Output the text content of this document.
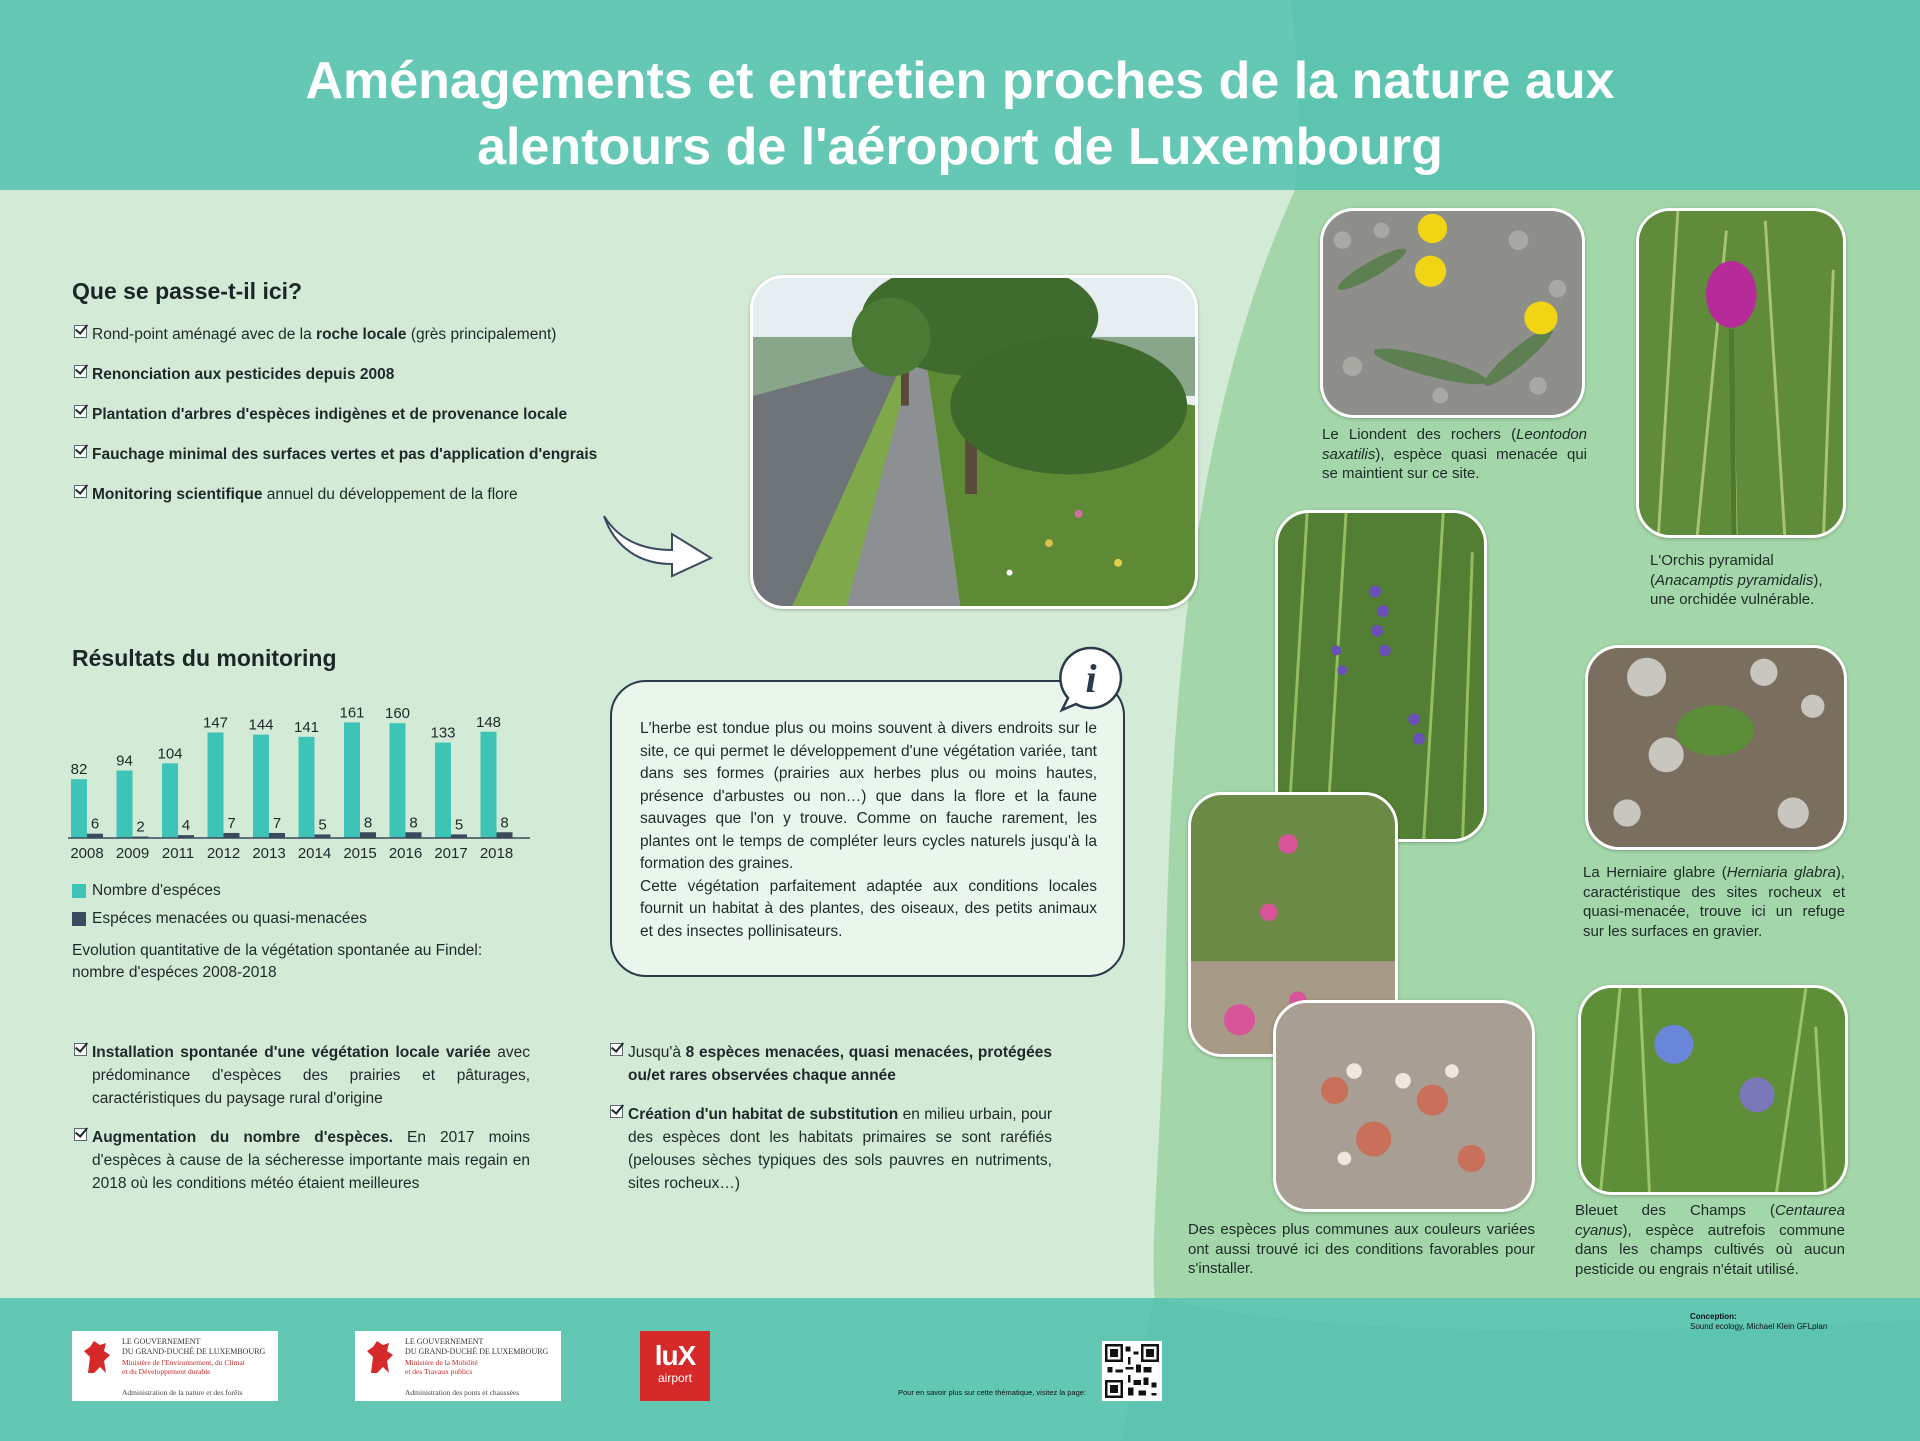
Aménagements et entretien proches de la nature aux
alentours de l'aéroport de Luxembourg
Que se passe-t-il ici?
Rond-point aménagé avec de la roche locale (grès principalement)
Renonciation aux pesticides depuis 2008
Plantation d'arbres d'espèces indigènes et de provenance locale
Fauchage minimal des surfaces vertes et pas d'application d'engrais
Monitoring scientifique annuel du développement de la flore
Résultats du monitoring
82
6
2008
94
2
2009
104
4
2011
147
7
2012
144
7
2013
141
5
2014
161
8
2015
160
8
2016
133
5
2017
148
8
2018
Nombre d'espéces
Espéces menacées ou quasi-menacées
Evolution quantitative de la végétation spontanée au Findel:
nombre d'espéces 2008-2018

L'herbe est tondue plus ou moins souvent à divers endroits sur le site, ce qui permet le développement d'une végétation variée, tant dans ses formes (prairies aux herbes plus ou moins hautes, présence d'arbustes ou non…) que dans la flore et la faune sauvages que l'on y trouve. Comme on fauche rarement, les plantes ont le temps de compléter leurs cycles naturels jusqu'à la formation des graines.

Cette végétation parfaitement adaptée aux conditions locales fournit un habitat à des plantes, des oiseaux, des petits animaux et des insectes pollinisateurs.

i
Installation spontanée d'une végétation locale variée avec prédominance d'espèces des prairies et pâturages, caractéristiques du paysage rural d'origine
Augmentation du nombre d'espèces. En 2017 moins d'espèces à cause de la sécheresse importante mais regain en 2018 où les conditions météo étaient meilleures
Jusqu'à 8 espèces menacées, quasi menacées, protégées ou/et rares observées chaque année
Création d'un habitat de substitution en milieu urbain, pour des espèces dont les habitats primaires se sont raréfiés (pelouses sèches typiques des sols pauvres en nutriments, sites rocheux…)

Le Liondent des rochers (Leontodon saxatilis), espèce quasi menacée qui se maintient sur ce site.

L'Orchis pyramidal (Anacamptis pyramidalis), une orchidée vulnérable.

La Herniaire glabre (Herniaria glabra), caractéristique des sites rocheux et quasi-menacée, trouve ici un refuge sur les surfaces en gravier.

Des espèces plus communes aux couleurs variées ont aussi trouvé ici des conditions favorables pour s'installer.

Bleuet des Champs (Centaurea cyanus), espèce autrefois commune dans les champs cultivés où aucun pesticide ou engrais n'était utilisé.

LE GOUVERNEMENT
DU GRAND-DUCHÉ DE LUXEMBOURG
Ministère de l'Environnement, du Climat
et du Développement durable
Administration de la nature et des forêts
LE GOUVERNEMENT
DU GRAND-DUCHÉ DE LUXEMBOURG
Ministère de la Mobilité
et des Travaux publics
Administration des ponts et chaussées
luX
airport
Pour en savoir plus sur cette thématique, visitez la page:
Conception:
Sound ecology, Michael Klein GFLplan
